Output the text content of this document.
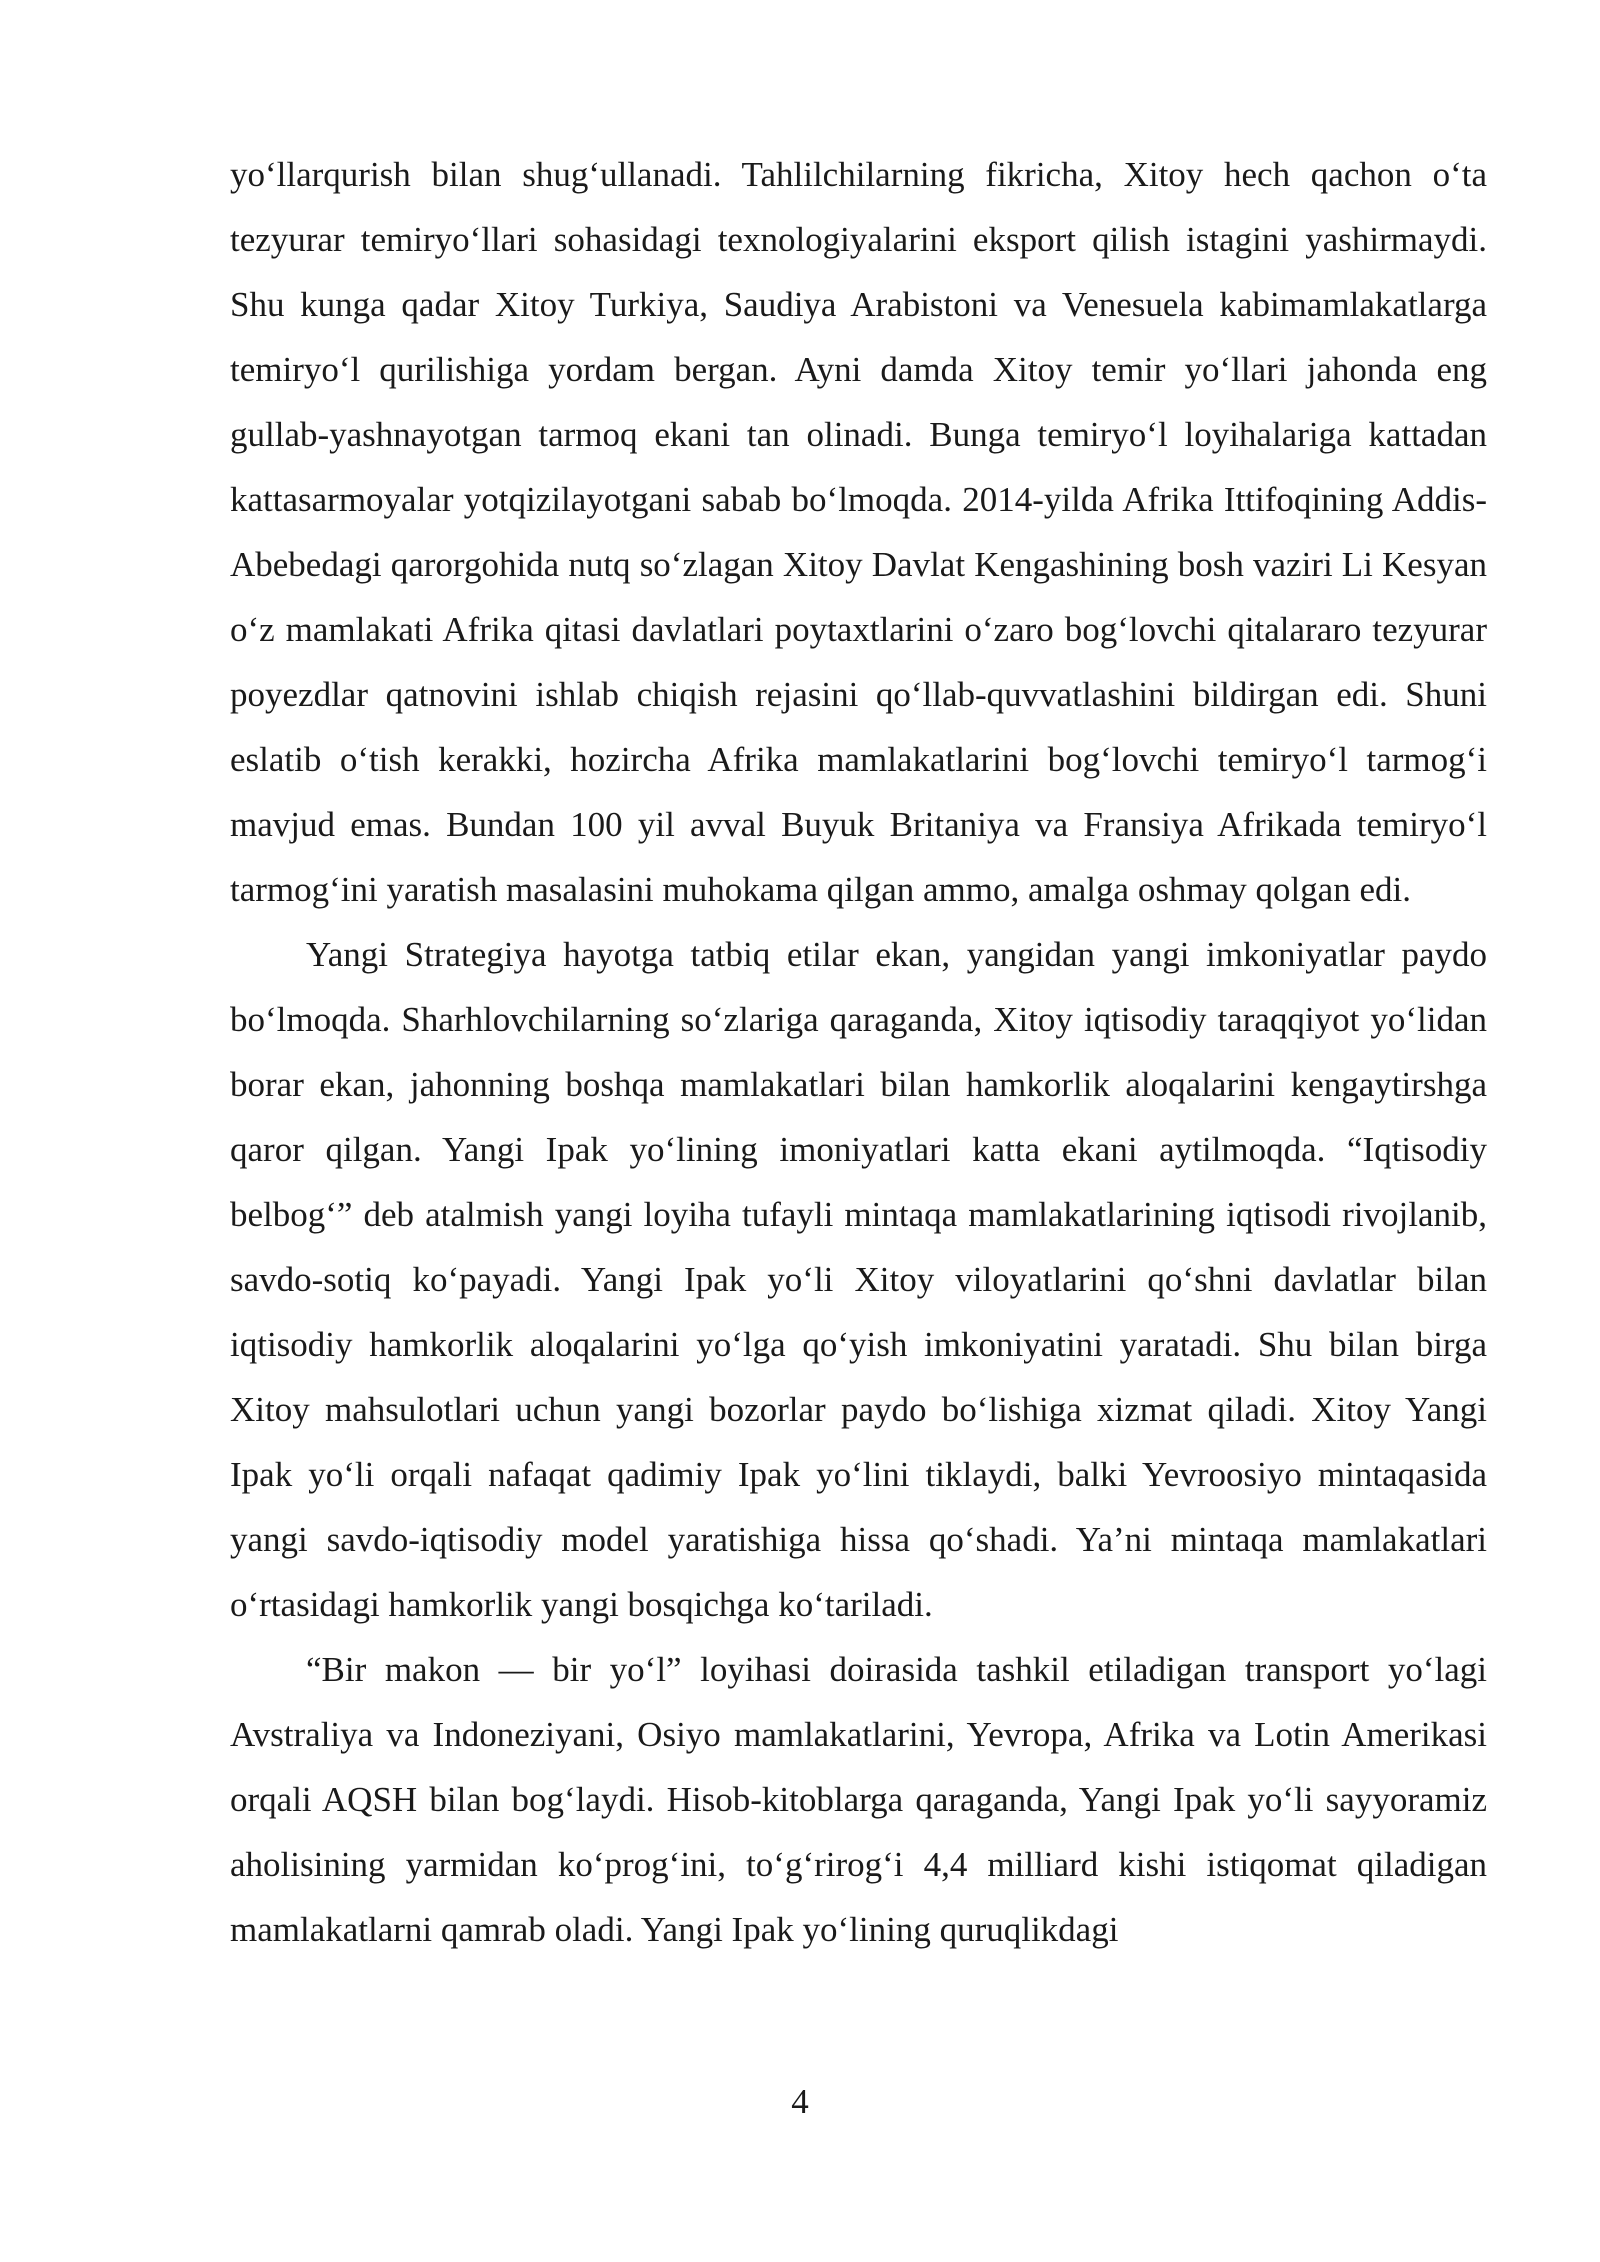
yo‘llarqurish bilan shug‘ullanadi. Tahlilchilarning fikricha, Xitoy hech qachon o‘ta tezyurar temiryo‘llari sohasidagi texnologiyalarini eksport qilish istagini yashirmaydi. Shu kunga qadar Xitoy Turkiya, Saudiya Arabistoni va Venesuela kabimamlakatlarga temiryo‘l qurilishiga yordam bergan. Ayni damda Xitoy temir yo‘llari jahonda eng gullab-yashnayotgan tarmoq ekani tan olinadi. Bunga temiryo‘l loyihalariga kattadan kattasarmoyalar yotqizilayotgani sabab bo‘lmoqda. 2014-yilda Afrika Ittifoqining Addis-Abebedagi qarorgohida nutq so‘zlagan Xitoy Davlat Kengashining bosh vaziri Li Kesyan o‘z mamlakati Afrika qitasi davlatlari poytaxtlarini o‘zaro bog‘lovchi qitalararo tezyurar poyezdlar qatnovini ishlab chiqish rejasini qo‘llab-quvvatlashini bildirgan edi. Shuni eslatib o‘tish kerakki, hozircha Afrika mamlakatlarini bog‘lovchi temiryo‘l tarmog‘i mavjud emas. Bundan 100 yil avval Buyuk Britaniya va Fransiya Afrikada temiryo‘l tarmog‘ini yaratish masalasini muhokama qilgan ammo, amalga oshmay qolgan edi.

Yangi Strategiya hayotga tatbiq etilar ekan, yangidan yangi imkoniyatlar paydo bo‘lmoqda. Sharhlovchilarning so‘zlariga qaraganda, Xitoy iqtisodiy taraqqiyot yo‘lidan borar ekan, jahonning boshqa mamlakatlari bilan hamkorlik aloqalarini kengaytirshga qaror qilgan. Yangi Ipak yo‘lining imoniyatlari katta ekani aytilmoqda. “Iqtisodiy belbog‘” deb atalmish yangi loyiha tufayli mintaqa mamlakatlarining iqtisodi rivojlanib, savdo-sotiq ko‘payadi. Yangi Ipak yo‘li Xitoy viloyatlarini qo‘shni davlatlar bilan iqtisodiy hamkorlik aloqalarini yo‘lga qo‘yish imkoniyatini yaratadi. Shu bilan birga Xitoy mahsulotlari uchun yangi bozorlar paydo bo‘lishiga xizmat qiladi. Xitoy Yangi Ipak yo‘li orqali nafaqat qadimiy Ipak yo‘lini tiklaydi, balki Yevroosiyo mintaqasida yangi savdo-iqtisodiy model yaratishiga hissa qo‘shadi. Ya’ni mintaqa mamlakatlari o‘rtasidagi hamkorlik yangi bosqichga ko‘tariladi.

“Bir makon — bir yo‘l” loyihasi doirasida tashkil etiladigan transport yo‘lagi Avstraliya va Indoneziyani, Osiyo mamlakatlarini, Yevropa, Afrika va Lotin Amerikasi orqali AQSH bilan bog‘laydi. Hisob-kitoblarga qaraganda, Yangi Ipak yo‘li sayyoramiz aholisining yarmidan ko‘prog‘ini, to‘g‘rirog‘i 4,4 milliard kishi istiqomat qiladigan mamlakatlarni qamrab oladi. Yangi Ipak yo‘lining quruqlikdagi

4
